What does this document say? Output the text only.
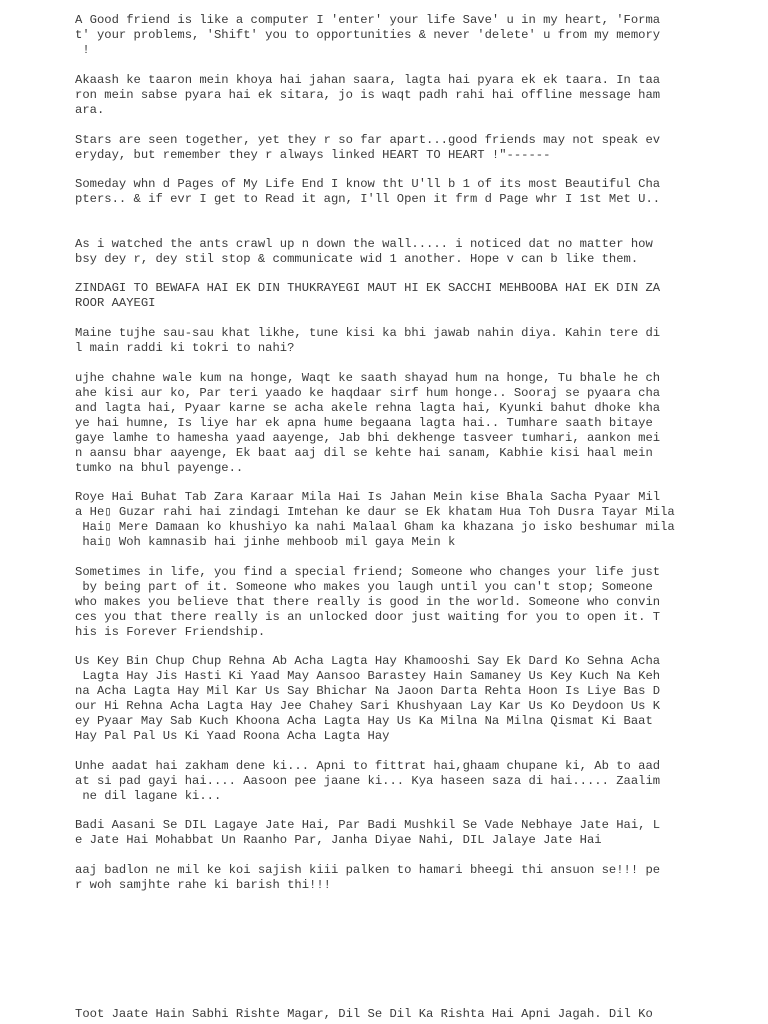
A Good friend is like a computer I 'enter' your life Save' u in my heart, 'Forma

t' your problems, 'Shift' you to opportunities & never 'delete' u from my memory

!

Akaash ke taaron mein khoya hai jahan saara, lagta hai pyara ek ek taara. In taa

ron mein sabse pyara hai ek sitara, jo is waqt padh rahi hai offline message ham

ara.

Stars are seen together, yet they r so far apart...good friends may not speak ev

eryday, but remember they r always linked HEART TO HEART !"------

Someday whn d Pages of My Life End I know tht U'll b 1 of its most Beautiful Cha

pters.. & if evr I get to Read it agn, I'll Open it frm d Page whr I 1st Met U..

As i watched the ants crawl up n down the wall..... i noticed dat no matter how

bsy dey r, dey stil stop & communicate wid 1 another. Hope v can b like them.

ZINDAGI TO BEWAFA HAI EK DIN THUKRAYEGI MAUT HI EK SACCHI MEHBOOBA HAI EK DIN ZA

ROOR AAYEGI

Maine tujhe sau-sau khat likhe, tune kisi ka bhi jawab nahin diya. Kahin tere di

l main raddi ki tokri to nahi?

ujhe chahne wale kum na honge, Waqt ke saath shayad hum na honge, Tu bhale he ch

ahe kisi aur ko, Par teri yaado ke haqdaar sirf hum honge.. Sooraj se pyaara cha

and lagta hai, Pyaar karne se acha akele rehna lagta hai, Kyunki bahut dhoke kha

ye hai humne, Is liye har ek apna hume begaana lagta hai.. Tumhare saath bitaye

gaye lamhe to hamesha yaad aayenge, Jab bhi dekhenge tasveer tumhari, aankon mei

n aansu bhar aayenge, Ek baat aaj dil se kehte hai sanam, Kabhie kisi haal mein

tumko na bhul payenge..

Roye Hai Buhat Tab Zara Karaar Mila Hai Is Jahan Mein kise Bhala Sacha Pyaar Mil

a He▯ Guzar rahi hai zindagi Imtehan ke daur se Ek khatam Hua Toh Dusra Tayar Mila

Hai▯ Mere Damaan ko khushiyo ka nahi Malaal Gham ka khazana jo isko beshumar mila

hai▯ Woh kamnasib hai jinhe mehboob mil gaya Mein k

Sometimes in life, you find a special friend; Someone who changes your life just

by being part of it. Someone who makes you laugh until you can't stop; Someone

who makes you believe that there really is good in the world. Someone who convin

ces you that there really is an unlocked door just waiting for you to open it. T

his is Forever Friendship.

Us Key Bin Chup Chup Rehna Ab Acha Lagta Hay Khamooshi Say Ek Dard Ko Sehna Acha

Lagta Hay Jis Hasti Ki Yaad May Aansoo Barastey Hain Samaney Us Key Kuch Na Keh

na Acha Lagta Hay Mil Kar Us Say Bhichar Na Jaoon Darta Rehta Hoon Is Liye Bas D

our Hi Rehna Acha Lagta Hay Jee Chahey Sari Khushyaan Lay Kar Us Ko Deydoon Us K

ey Pyaar May Sab Kuch Khoona Acha Lagta Hay Us Ka Milna Na Milna Qismat Ki Baat

Hay Pal Pal Us Ki Yaad Roona Acha Lagta Hay

Unhe aadat hai zakham dene ki... Apni to fittrat hai,ghaam chupane ki, Ab to aad

at si pad gayi hai.... Aasoon pee jaane ki... Kya haseen saza di hai..... Zaalim

ne dil lagane ki...

Badi Aasani Se DIL Lagaye Jate Hai, Par Badi Mushkil Se Vade Nebhaye Jate Hai, L

e Jate Hai Mohabbat Un Raanho Par, Janha Diyae Nahi, DIL Jalaye Jate Hai

aaj badlon ne mil ke koi sajish kiii palken to hamari bheegi thi ansuon se!!! pe

r woh samjhte rahe ki barish thi!!!

Toot Jaate Hain Sabhi Rishte Magar, Dil Se Dil Ka Rishta Hai Apni Jagah. Dil Ko
